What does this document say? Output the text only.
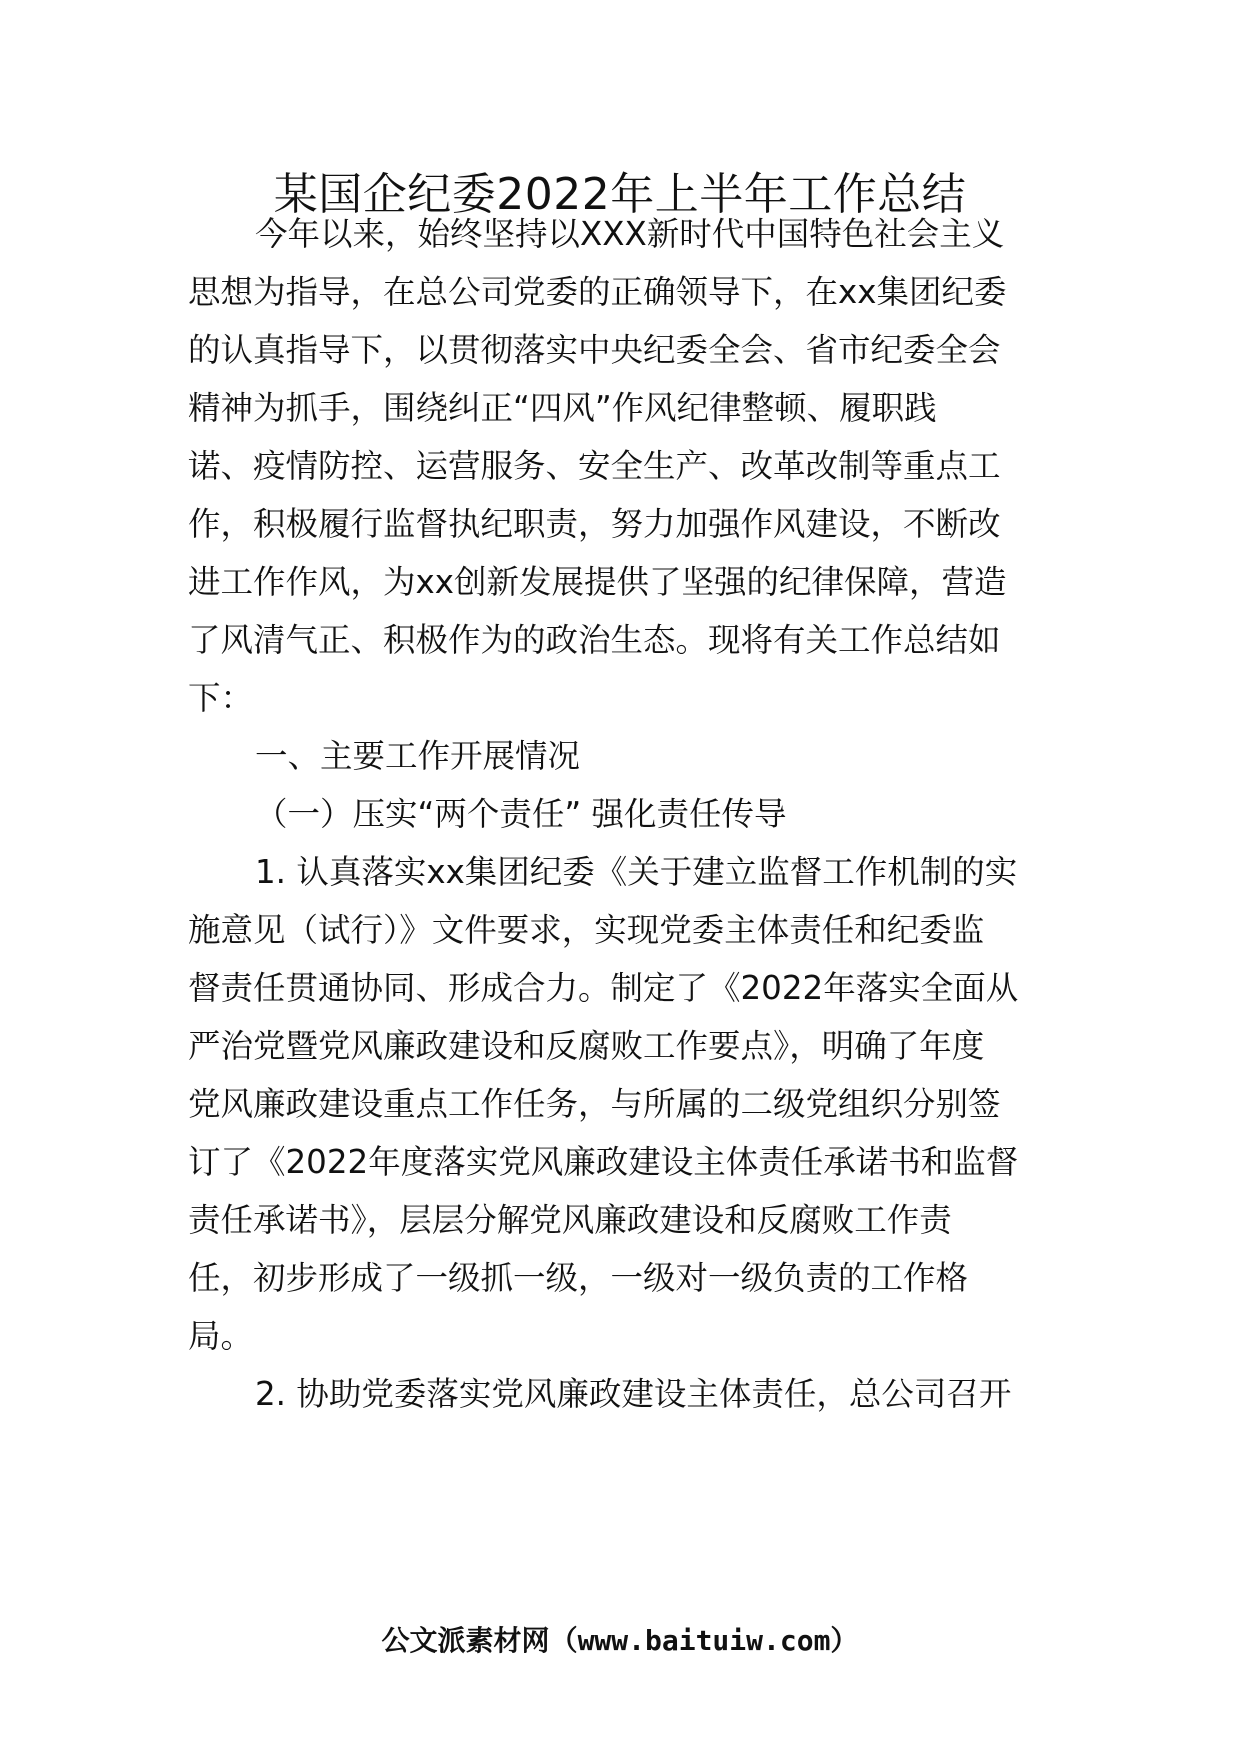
某国企纪委2022年上半年工作总结
今年以来，始终坚持以XXX新时代中国特色社会主义
思想为指导，在总公司党委的正确领导下，在xx集团纪委
的认真指导下，以贯彻落实中央纪委全会、省市纪委全会
精神为抓手，围绕纠正“四风”作风纪律整顿、履职践
诺、疫情防控、运营服务、安全生产、改革改制等重点工
作，积极履行监督执纪职责，努力加强作风建设，不断改
进工作作风，为xx创新发展提供了坚强的纪律保障，营造
了风清气正、积极作为的政治生态。现将有关工作总结如
下：
一、主要工作开展情况
（一）压实“两个责任” 强化责任传导
1. 认真落实xx集团纪委《关于建立监督工作机制的实
施意见（试行）》文件要求，实现党委主体责任和纪委监
督责任贯通协同、形成合力。制定了《2022年落实全面从
严治党暨党风廉政建设和反腐败工作要点》，明确了年度
党风廉政建设重点工作任务，与所属的二级党组织分别签
订了《2022年度落实党风廉政建设主体责任承诺书和监督
责任承诺书》，层层分解党风廉政建设和反腐败工作责
任，初步形成了一级抓一级，一级对一级负责的工作格
局。
2. 协助党委落实党风廉政建设主体责任，总公司召开
公文派素材网（www.baituiw.com）
